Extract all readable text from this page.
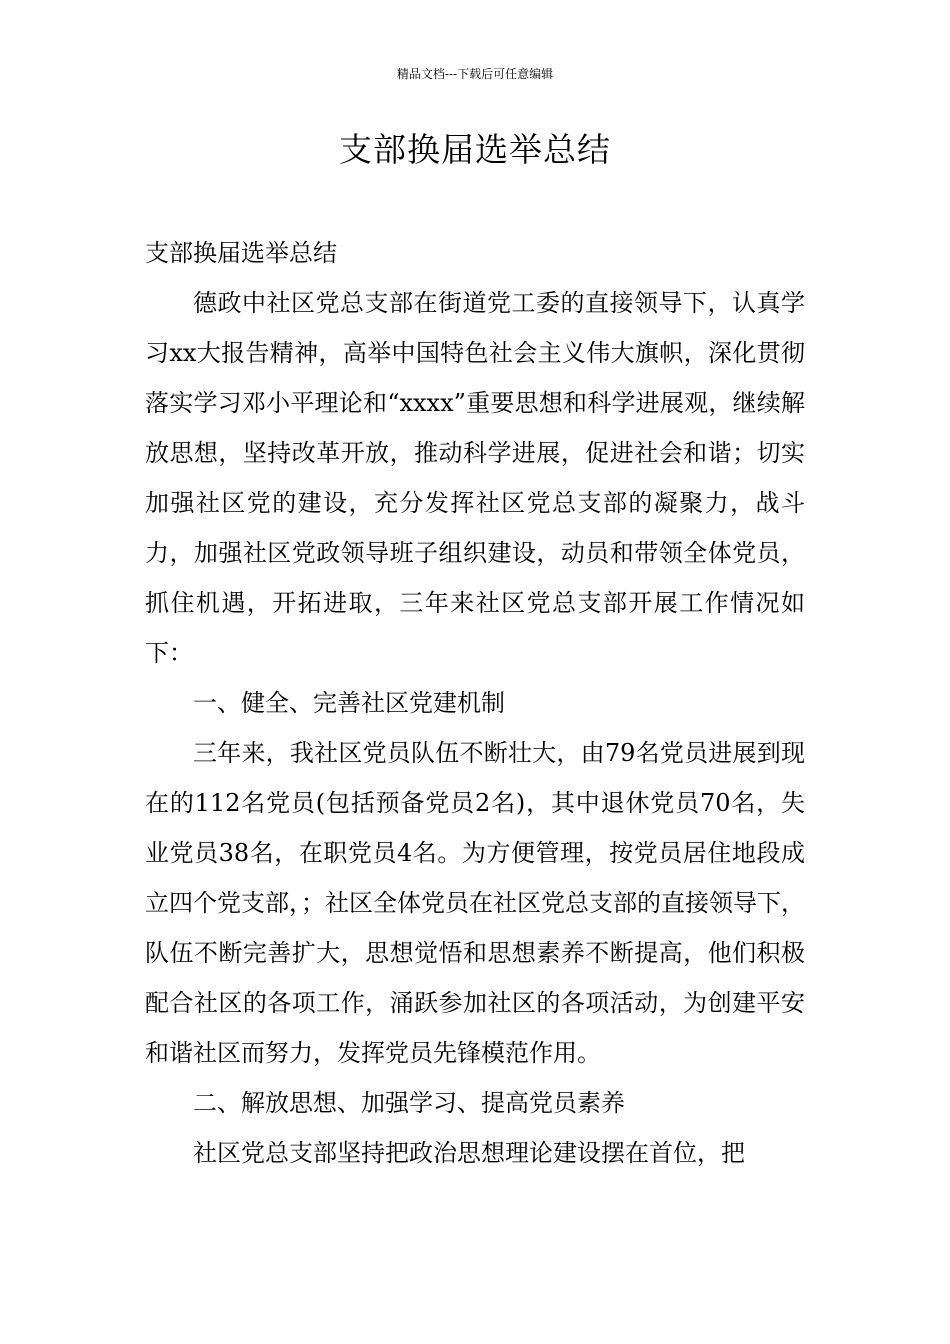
精品文档---下载后可任意编辑
支部换届选举总结

支部换届选举总结

德政中社区党总支部在街道党工委的直接领导下，认真学习xx大报告精神，高举中国特色社会主义伟大旗帜，深化贯彻落实学习邓小平理论和“xxxx”重要思想和科学进展观，继续解放思想，坚持改革开放，推动科学进展，促进社会和谐；切实加强社区党的建设，充分发挥社区党总支部的凝聚力，战斗力，加强社区党政领导班子组织建设，动员和带领全体党员，抓住机遇，开拓进取，三年来社区党总支部开展工作情况如下：

一、健全、完善社区党建机制

三年来，我社区党员队伍不断壮大，由79名党员进展到现在的112名党员(包括预备党员2名)，其中退休党员70名，失业党员38名，在职党员4名。为方便管理，按党员居住地段成立四个党支部，；社区全体党员在社区党总支部的直接领导下，队伍不断完善扩大，思想觉悟和思想素养不断提高，他们积极配合社区的各项工作，涌跃参加社区的各项活动，为创建平安和谐社区而努力，发挥党员先锋模范作用。

二、解放思想、加强学习、提高党员素养

社区党总支部坚持把政治思想理论建设摆在首位，把
